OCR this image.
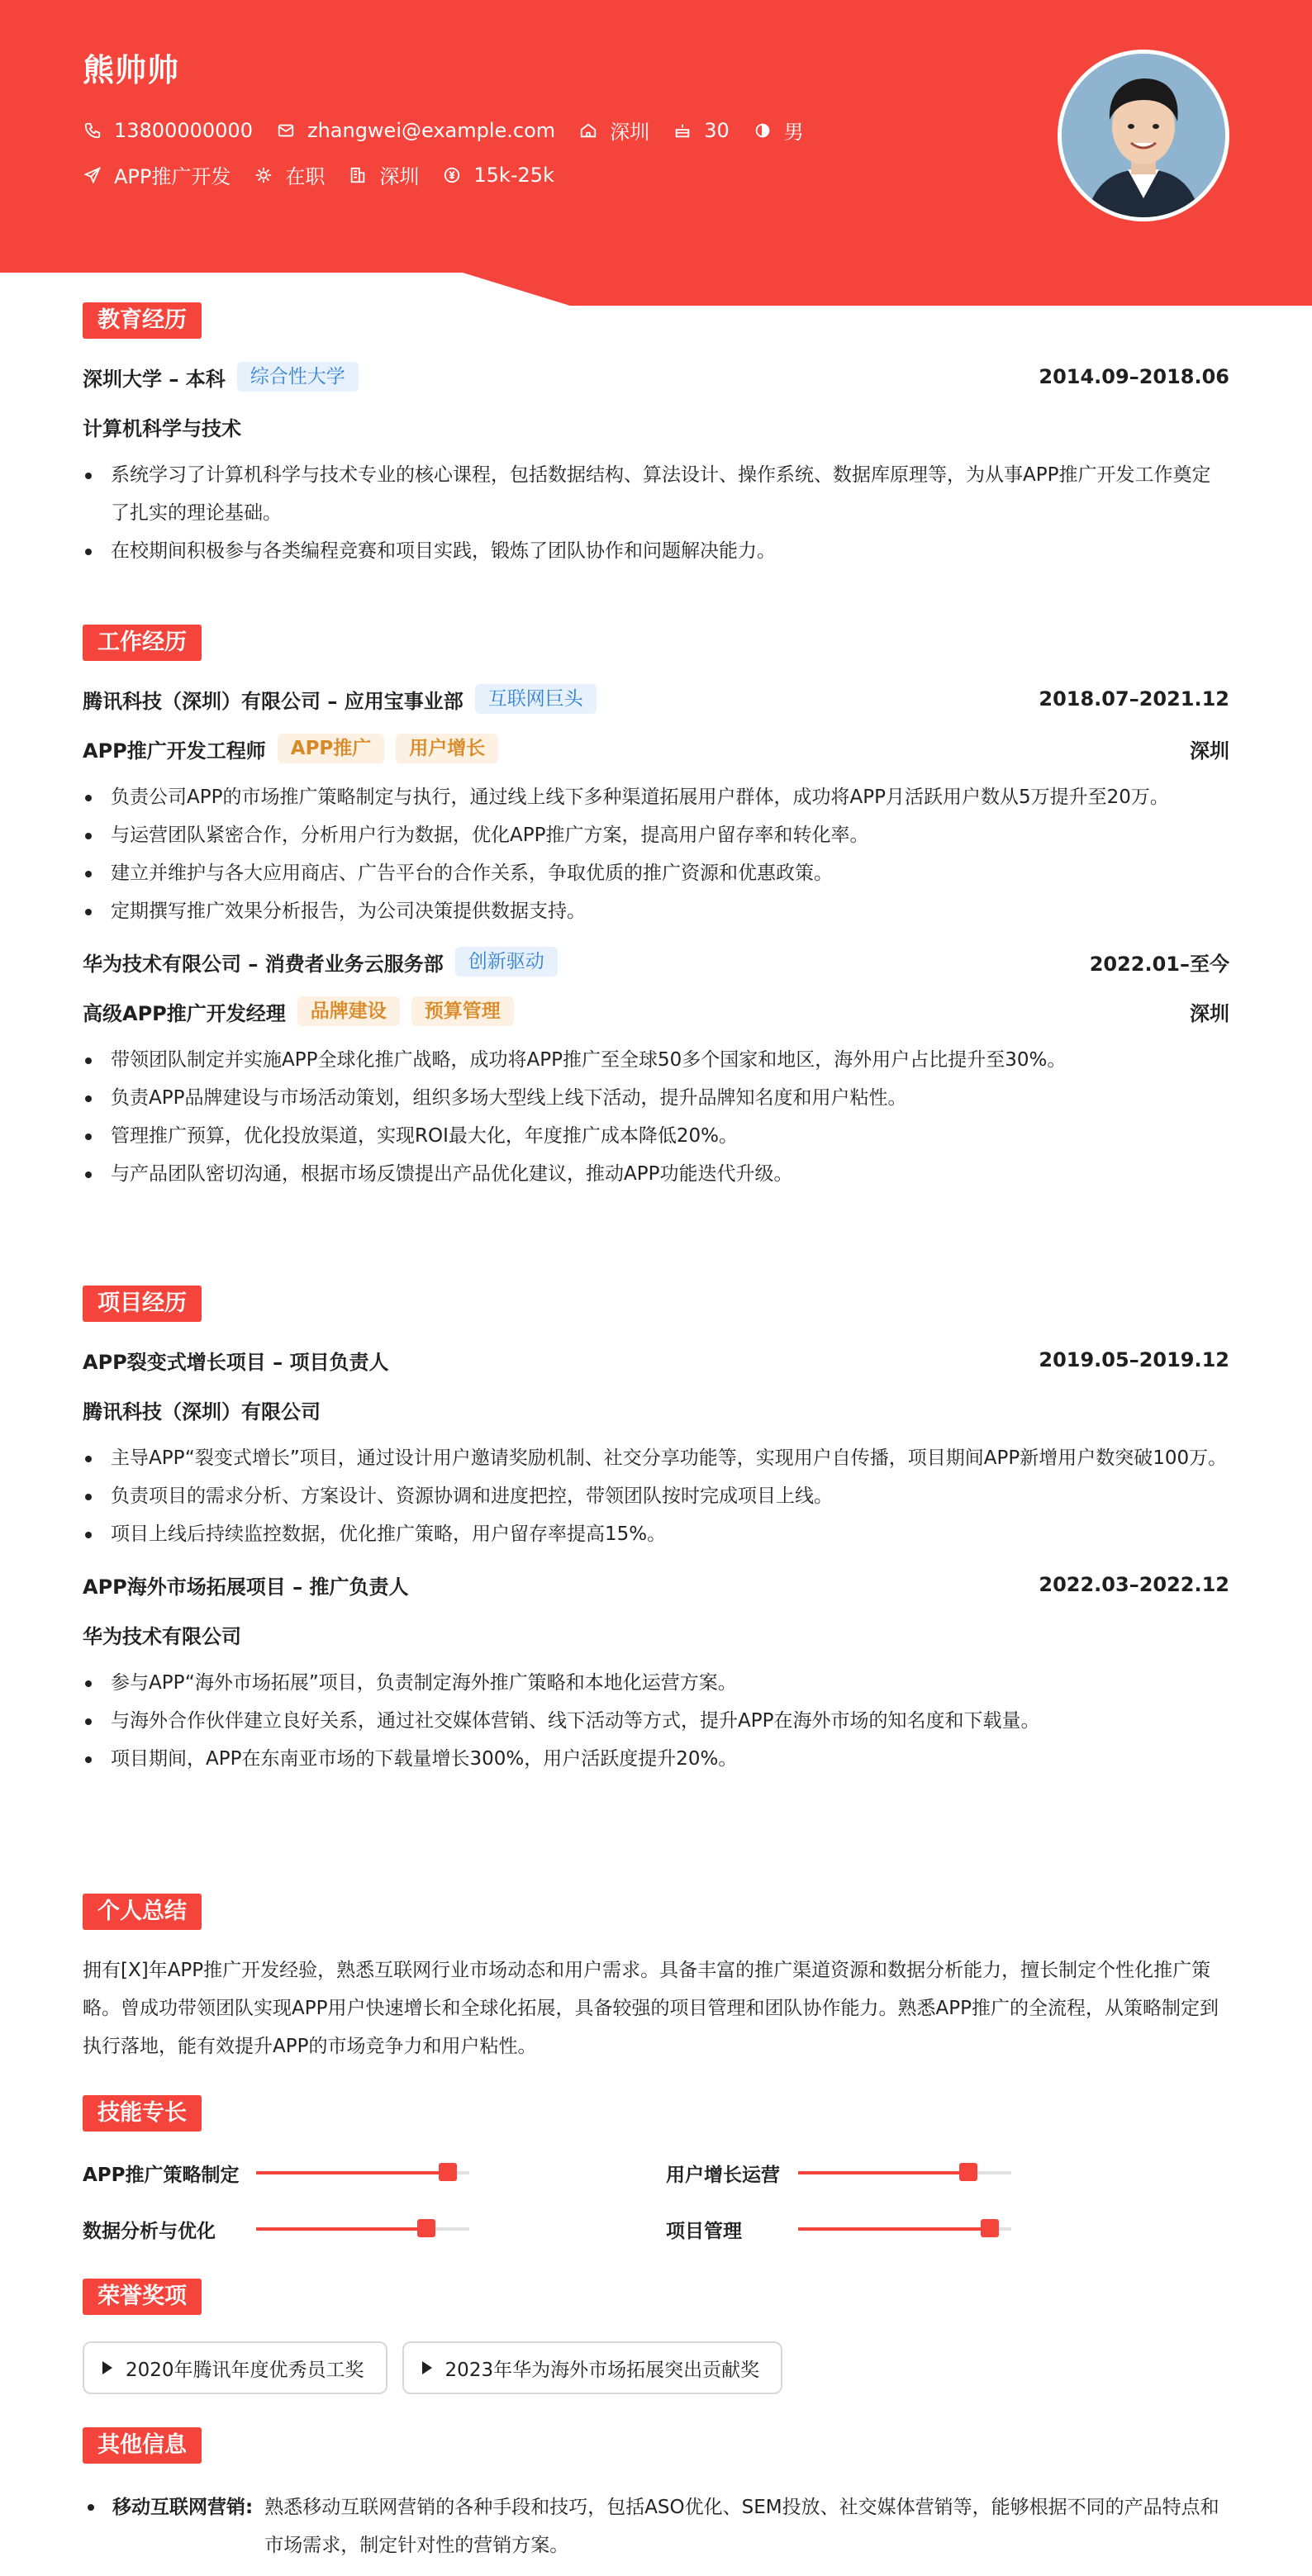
熊帅帅
13800000000	zhangwei@example.com	深圳	30	男
APP推广开发	在职	深圳	15k-25k
教育经历
深圳大学 – 本科	综合性大学	2014.09–2018.06
计算机科学与技术
系统学习了计算机科学与技术专业的核心课程，包括数据结构、算法设计、操作系统、数据库原理等，为从事APP推广开发工作奠定了扎实的理论基础。
在校期间积极参与各类编程竞赛和项目实践，锻炼了团队协作和问题解决能力。
工作经历
腾讯科技（深圳）有限公司 – 应用宝事业部	互联网巨头	2018.07–2021.12
APP推广开发工程师	APP推广	用户增长	深圳
负责公司APP的市场推广策略制定与执行，通过线上线下多种渠道拓展用户群体，成功将APP月活跃用户数从5万提升至20万。
与运营团队紧密合作，分析用户行为数据，优化APP推广方案，提高用户留存率和转化率。
建立并维护与各大应用商店、广告平台的合作关系，争取优质的推广资源和优惠政策。
定期撰写推广效果分析报告，为公司决策提供数据支持。
华为技术有限公司 – 消费者业务云服务部	创新驱动	2022.01–至今
高级APP推广开发经理	品牌建设	预算管理	深圳
带领团队制定并实施APP全球化推广战略，成功将APP推广至全球50多个国家和地区，海外用户占比提升至30%。
负责APP品牌建设与市场活动策划，组织多场大型线上线下活动，提升品牌知名度和用户粘性。
管理推广预算，优化投放渠道，实现ROI最大化，年度推广成本降低20%。
与产品团队密切沟通，根据市场反馈提出产品优化建议，推动APP功能迭代升级。
项目经历
APP裂变式增长项目 – 项目负责人	2019.05–2019.12
腾讯科技（深圳）有限公司
主导APP“裂变式增长”项目，通过设计用户邀请奖励机制、社交分享功能等，实现用户自传播，项目期间APP新增用户数突破100万。
负责项目的需求分析、方案设计、资源协调和进度把控，带领团队按时完成项目上线。
项目上线后持续监控数据，优化推广策略，用户留存率提高15%。
APP海外市场拓展项目 – 推广负责人	2022.03–2022.12
华为技术有限公司
参与APP“海外市场拓展”项目，负责制定海外推广策略和本地化运营方案。
与海外合作伙伴建立良好关系，通过社交媒体营销、线下活动等方式，提升APP在海外市场的知名度和下载量。
项目期间，APP在东南亚市场的下载量增长300%，用户活跃度提升20%。
个人总结
拥有[X]年APP推广开发经验，熟悉互联网行业市场动态和用户需求。具备丰富的推广渠道资源和数据分析能力，擅长制定个性化推广策略。曾成功带领团队实现APP用户快速增长和全球化拓展，具备较强的项目管理和团队协作能力。熟悉APP推广的全流程，从策略制定到执行落地，能有效提升APP的市场竞争力和用户粘性。
技能专长
APP推广策略制定	用户增长运营
数据分析与优化	项目管理
荣誉奖项
2020年腾讯年度优秀员工奖	2023年华为海外市场拓展突出贡献奖
其他信息
移动互联网营销: 熟悉移动互联网营销的各种手段和技巧，包括ASO优化、SEM投放、社交媒体营销等，能够根据不同的产品特点和市场需求，制定针对性的营销方案。
